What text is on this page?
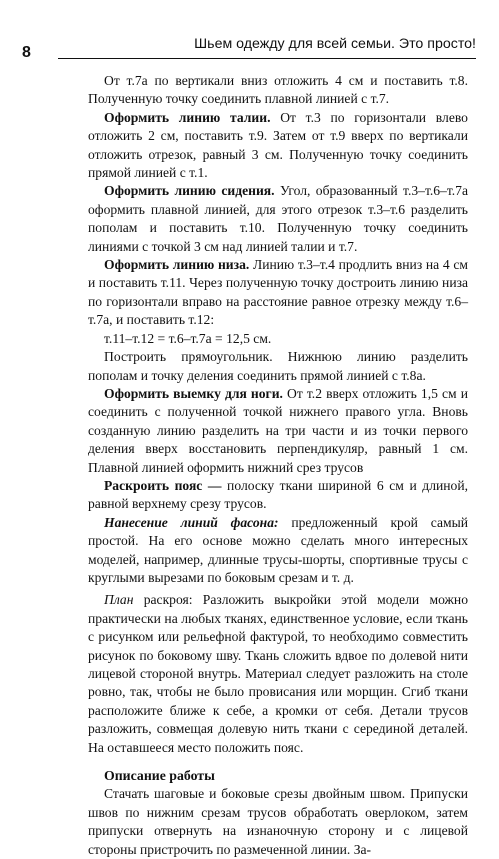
8	Шьем одежду для всей семьи. Это просто!

От т.7а по вертикали вниз отложить 4 см и поставить т.8. Полученную точку соединить плавной линией с т.7.

Оформить линию талии. От т.3 по горизонтали влево отложить 2 см, поставить т.9. Затем от т.9 вверх по вертикали отложить отрезок, равный 3 см. Полученную точку соединить прямой линией с т.1.

Оформить линию сидения. Угол, образованный т.3–т.6–т.7а оформить плавной линией, для этого отрезок т.3–т.6 разделить пополам и поставить т.10. Полученную точку соединить линиями с точкой 3 см над линией талии и т.7.

Оформить линию низа. Линию т.3–т.4 продлить вниз на 4 см и поставить т.11. Через полученную точку достроить линию низа по горизонтали вправо на расстояние равное отрезку между т.6–т.7а, и поставить т.12:

т.11–т.12 = т.6–т.7а = 12,5 см.

Построить прямоугольник. Нижнюю линию разделить пополам и точку деления соединить прямой линией с т.8а.

Оформить выемку для ноги. От т.2 вверх отложить 1,5 см и соединить с полученной точкой нижнего правого угла. Вновь созданную линию разделить на три части и из точки первого деления вверх восстановить перпендикуляр, равный 1 см. Плавной линией оформить нижний срез трусов

Раскроить пояс — полоску ткани шириной 6 см и длиной, равной верхнему срезу трусов.

Нанесение линий фасона: предложенный крой самый простой. На его основе можно сделать много интересных моделей, например, длинные трусы-шорты, спортивные трусы с круглыми вырезами по боковым срезам и т. д.

План раскроя: Разложить выкройки этой модели можно практически на любых тканях, единственное условие, если ткань с рисунком или рельефной фактурой, то необходимо совместить рисунок по боковому шву. Ткань сложить вдвое по долевой нити лицевой стороной внутрь. Материал следует разложить на столе ровно, так, чтобы не было провисания или морщин. Сгиб ткани расположите ближе к себе, а кромки от себя. Детали трусов разложить, совмещая долевую нить ткани с серединой деталей. На оставшееся место положить пояс.

Описание работы

Стачать шаговые и боковые срезы двойным швом. Припуски швов по нижним срезам трусов обработать оверлоком, затем припуски отвернуть на изнаночную сторону и с лицевой стороны пристрочить по размеченной линии. За-
